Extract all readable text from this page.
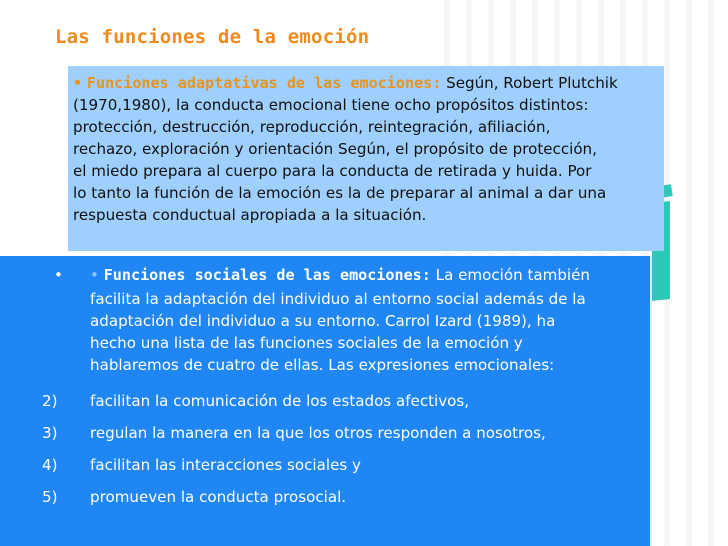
Las funciones de la emoción
• Funciones adaptativas de las emociones: Según, Robert Plutchik
(1970,1980), la conducta emocional tiene ocho propósitos distintos:
protección, destrucción, reproducción, reintegración, afiliación,
rechazo, exploración y orientación Según, el propósito de protección,
el miedo prepara al cuerpo para la conducta de retirada y huida. Por
lo tanto la función de la emoción es la de preparar al animal a dar una
respuesta conductual apropiada a la situación.
•	• Funciones sociales de las emociones: La emoción también
facilita la adaptación del individuo al entorno social además de la
adaptación del individuo a su entorno. Carrol Izard (1989), ha
hecho una lista de las funciones sociales de la emoción y
hablaremos de cuatro de ellas. Las expresiones emocionales:
2)	facilitan la comunicación de los estados afectivos,
3)	regulan la manera en la que los otros responden a nosotros,
4)	facilitan las interacciones sociales y
5)	promueven la conducta prosocial.
